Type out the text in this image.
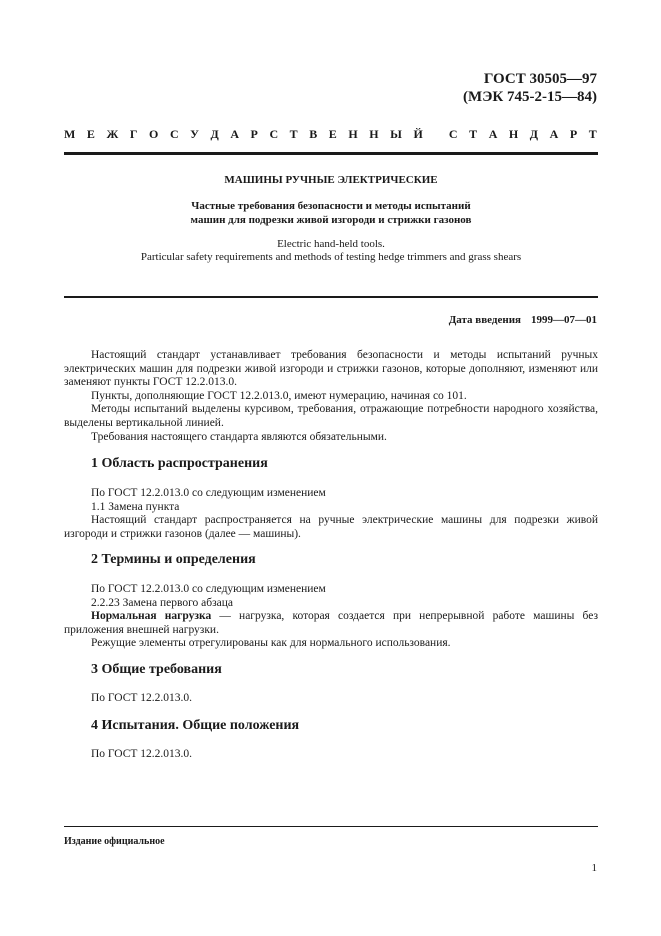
ГОСТ 30505—97
(МЭК 745-2-15—84)
М Е Ж Г О С У Д А Р С Т В Е Н Н Ы Й
С Т А Н Д А Р Т
МАШИНЫ РУЧНЫЕ ЭЛЕКТРИЧЕСКИЕ
Частные требования безопасности и методы испытаний
машин для подрезки живой изгороди и стрижки газонов
Electric hand-held tools.
Particular safety requirements and methods of testing hedge trimmers and grass shears
Дата введения 1999—07—01

Настоящий стандарт устанавливает требования безопасности и методы испытаний ручных электрических машин для подрезки живой изгороди и стрижки газонов, которые дополняют, изменяют или заменяют пункты ГОСТ 12.2.013.0.

Пункты, дополняющие ГОСТ 12.2.013.0, имеют нумерацию, начиная со 101.

Методы испытаний выделены курсивом, требования, отражающие потребности народного хозяйства, выделены вертикальной линией.

Требования настоящего стандарта являются обязательными.

1 Область распространения

По ГОСТ 12.2.013.0 со следующим изменением

1.1 Замена пункта

Настоящий стандарт распространяется на ручные электрические машины для подрезки живой изгороди и стрижки газонов (далее — машины).

2 Термины и определения

По ГОСТ 12.2.013.0 со следующим изменением

2.2.23 Замена первого абзаца

Нормальная нагрузка — нагрузка, которая создается при непрерывной работе машины без приложения внешней нагрузки.

Режущие элементы отрегулированы как для нормального использования.

3 Общие требования

По ГОСТ 12.2.013.0.

4 Испытания. Общие положения

По ГОСТ 12.2.013.0.

Издание официальное
1
